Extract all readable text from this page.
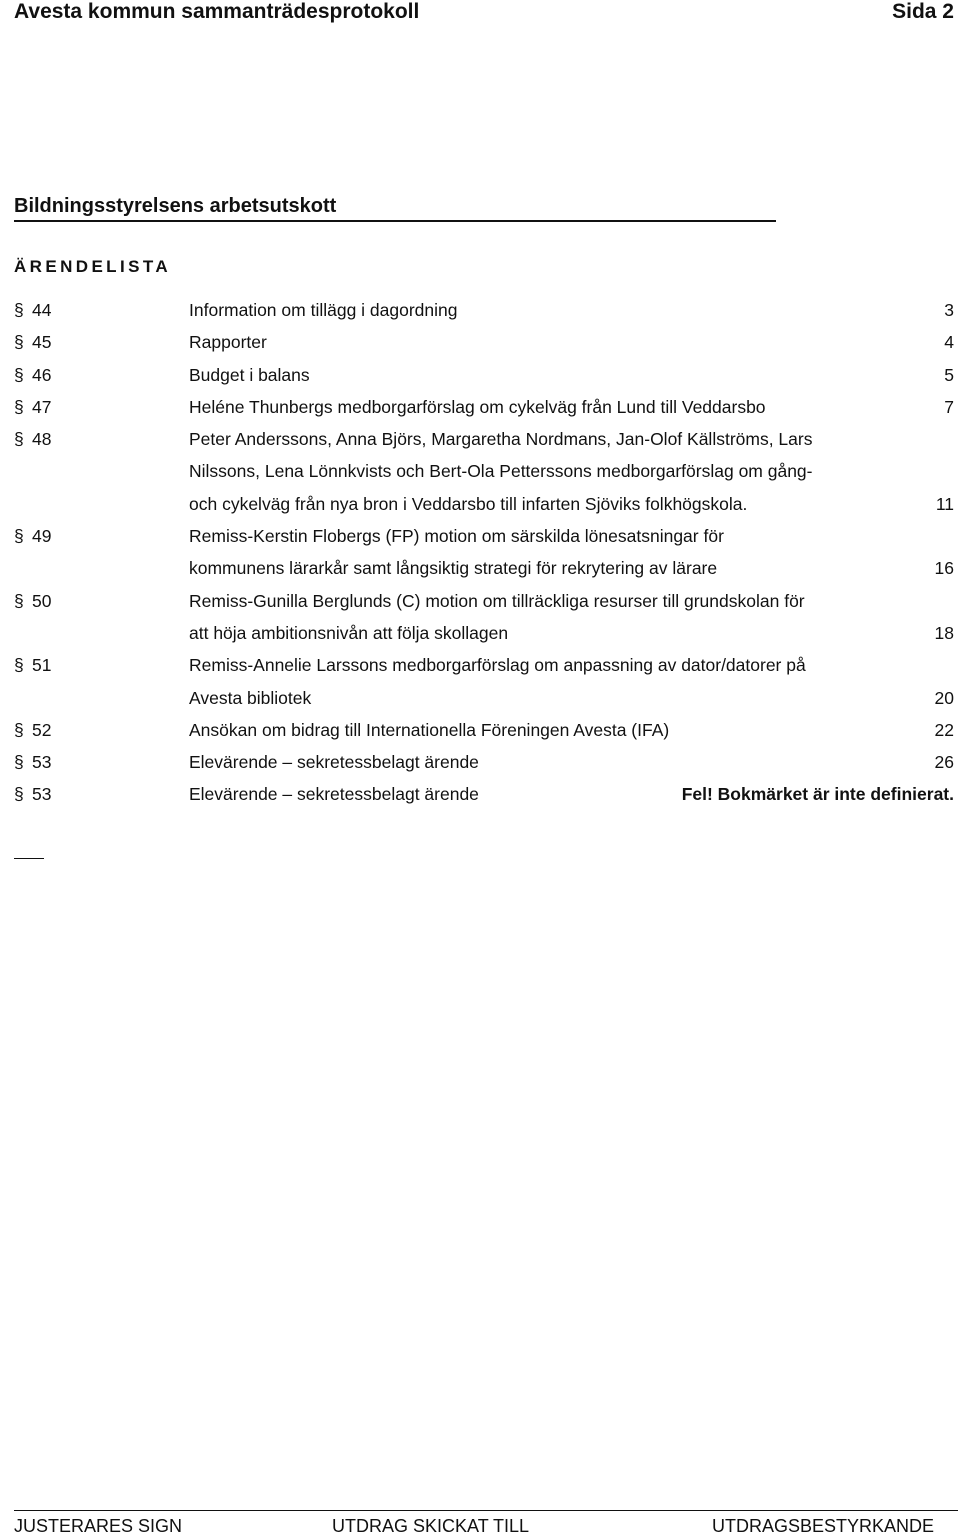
Avesta kommun sammanträdesprotokoll	Sida 2
Bildningsstyrelsens arbetsutskott
ÄRENDELISTA
§ 44	Information om tillägg i dagordning	3
§ 45	Rapporter	4
§ 46	Budget i balans	5
§ 47	Heléne Thunbergs medborgarförslag om cykelväg från Lund till Veddarsbo	7
§ 48	Peter Anderssons, Anna Björs, Margaretha Nordmans, Jan-Olof Källströms, Lars
Nilssons, Lena Lönnkvists och Bert-Ola Petterssons medborgarförslag om gång-
och cykelväg från nya bron i Veddarsbo till infarten Sjöviks folkhögskola.	11
§ 49	Remiss-Kerstin Flobergs (FP) motion om särskilda lönesatsningar för
kommunens lärarkår samt långsiktig strategi för rekrytering av lärare	16
§ 50	Remiss-Gunilla Berglunds (C) motion om tillräckliga resurser till grundskolan för
att höja ambitionsnivån att följa skollagen	18
§ 51	Remiss-Annelie Larssons medborgarförslag om anpassning av dator/datorer på
Avesta bibliotek	20
§ 52	Ansökan om bidrag till Internationella Föreningen Avesta (IFA)	22
§ 53	Elevärende – sekretessbelagt ärende	26
§ 53	Elevärende – sekretessbelagt ärende	Fel! Bokmärket är inte definierat.
JUSTERARES SIGN	UTDRAG SKICKAT TILL	UTDRAGSBESTYRKANDE
